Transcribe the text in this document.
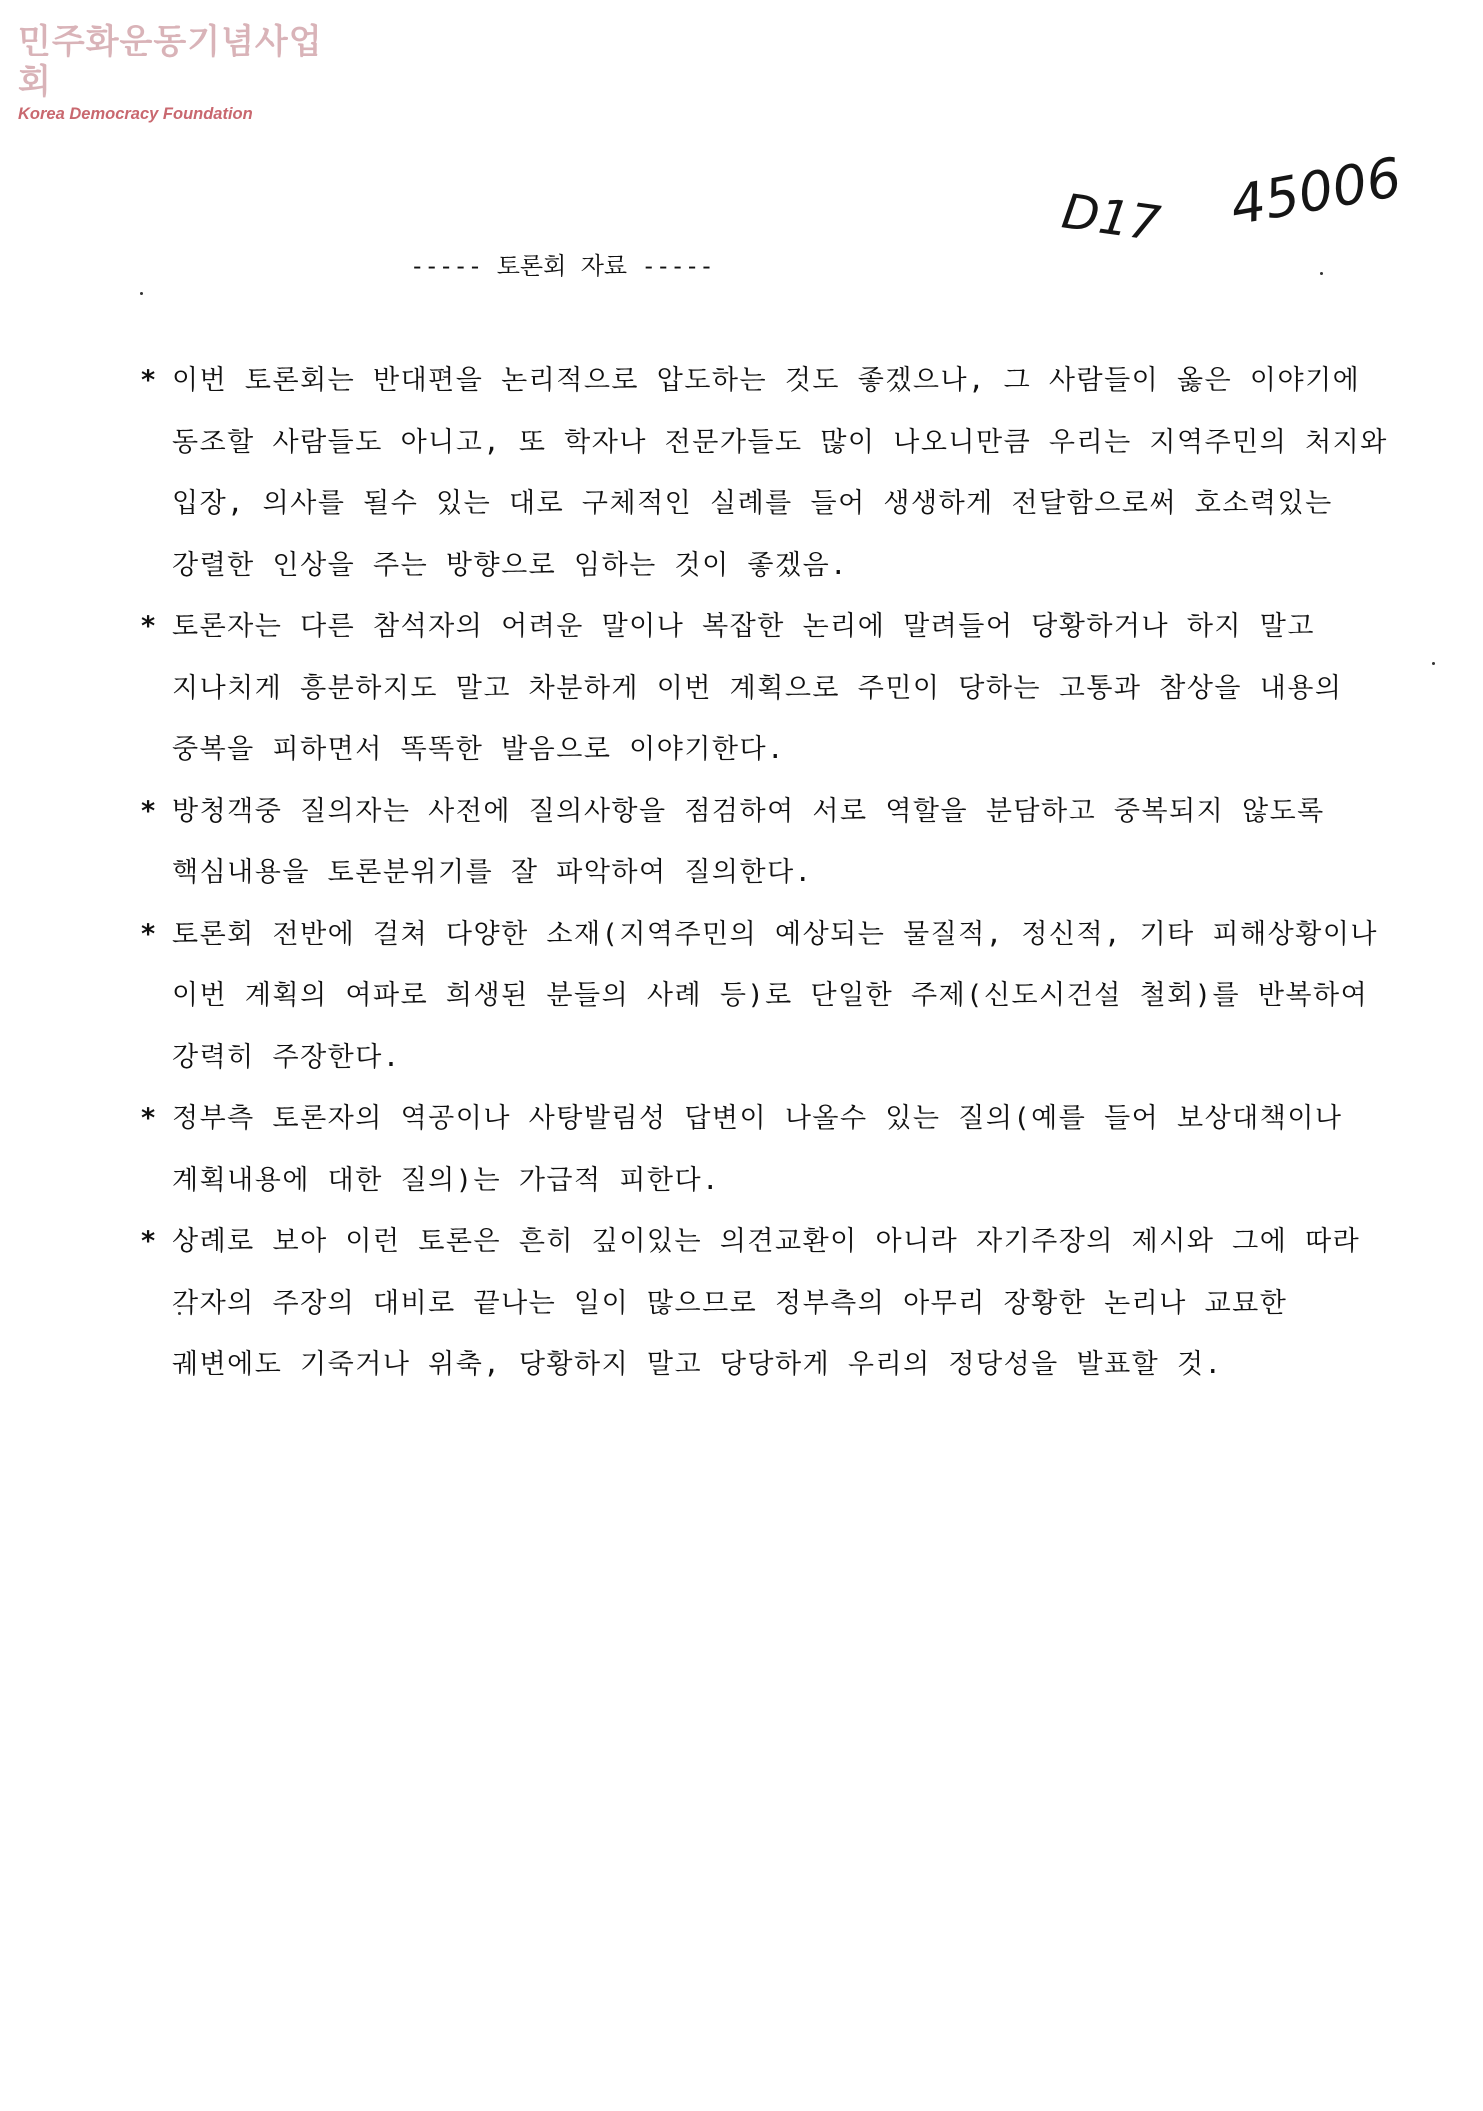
민주화운동기념사업회
Korea Democracy Foundation
D17 45006
----- 토론회 자료 -----
* 이번 토론회는 반대편을 논리적으로 압도하는 것도 좋겠으나, 그 사람들이 옳은 이야기에 동조할 사람들도 아니고, 또 학자나 전문가들도 많이 나오니만큼 우리는 지역주민의 처지와 입장, 의사를 될수 있는 대로 구체적인 실례를 들어 생생하게 전달함으로써 호소력있는 강렬한 인상을 주는 방향으로 임하는 것이 좋겠음.
* 토론자는 다른 참석자의 어려운 말이나 복잡한 논리에 말려들어 당황하거나 하지 말고 지나치게 흥분하지도 말고 차분하게 이번 계획으로 주민이 당하는 고통과 참상을 내용의 중복을 피하면서 똑똑한 발음으로 이야기한다.
* 방청객중 질의자는 사전에 질의사항을 점검하여 서로 역할을 분담하고 중복되지 않도록 핵심내용을 토론분위기를 잘 파악하여 질의한다.
* 토론회 전반에 걸쳐 다양한 소재(지역주민의 예상되는 물질적, 정신적, 기타 피해상황이나 이번 계획의 여파로 희생된 분들의 사례 등)로 단일한 주제(신도시건설 철회)를 반복하여 강력히 주장한다.
* 정부측 토론자의 역공이나 사탕발림성 답변이 나올수 있는 질의(예를 들어 보상대책이나 계획내용에 대한 질의)는 가급적 피한다.
* 상례로 보아 이런 토론은 흔히 깊이있는 의견교환이 아니라 자기주장의 제시와 그에 따라 각자의 주장의 대비로 끝나는 일이 많으므로 정부측의 아무리 장황한 논리나 교묘한 궤변에도 기죽거나 위축, 당황하지 말고 당당하게 우리의 정당성을 발표할 것.
